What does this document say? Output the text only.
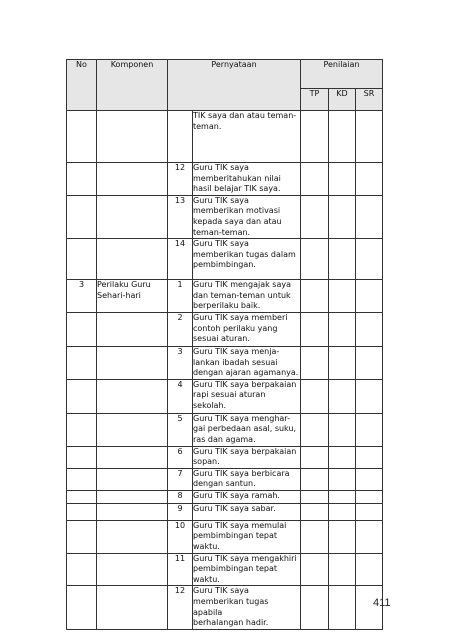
No	Komponen	Pernyataan		Penilaian		
				TP	KD	SR
			TIK saya dan atau teman-
teman.			
		12	Guru TIK saya
memberitahukan nilai
hasil belajar TIK saya.			
		13	Guru TIK saya
memberikan motivasi
kepada saya dan atau
teman-teman.			
		14	Guru TIK saya
memberikan tugas dalam
pembimbingan.			
3	Perilaku Guru
Sehari-hari	1	Guru TIK mengajak saya
dan teman-teman untuk
berperilaku baik.			
		2	Guru TIK saya memberi
contoh perilaku yang
sesuai aturan.			
		3	Guru TIK saya menja-
lankan ibadah sesuai
dengan ajaran agamanya.			
		4	Guru TIK saya berpakaian
rapi sesuai aturan
sekolah.			
		5	Guru TIK saya menghar-
gai perbedaan asal, suku,
ras dan agama.			
		6	Guru TIK saya berpakaian
sopan.			
		7	Guru TIK saya berbicara
dengan santun.			
		8	Guru TIK saya ramah.			
		9	Guru TIK saya sabar.			
		10	Guru TIK saya memulai
pembimbingan tepat
waktu.			
		11	Guru TIK saya mengakhiri
pembimbingan tepat
waktu.			
		12	Guru TIK saya
memberikan tugas apabila
berhalangan hadir.			
411
